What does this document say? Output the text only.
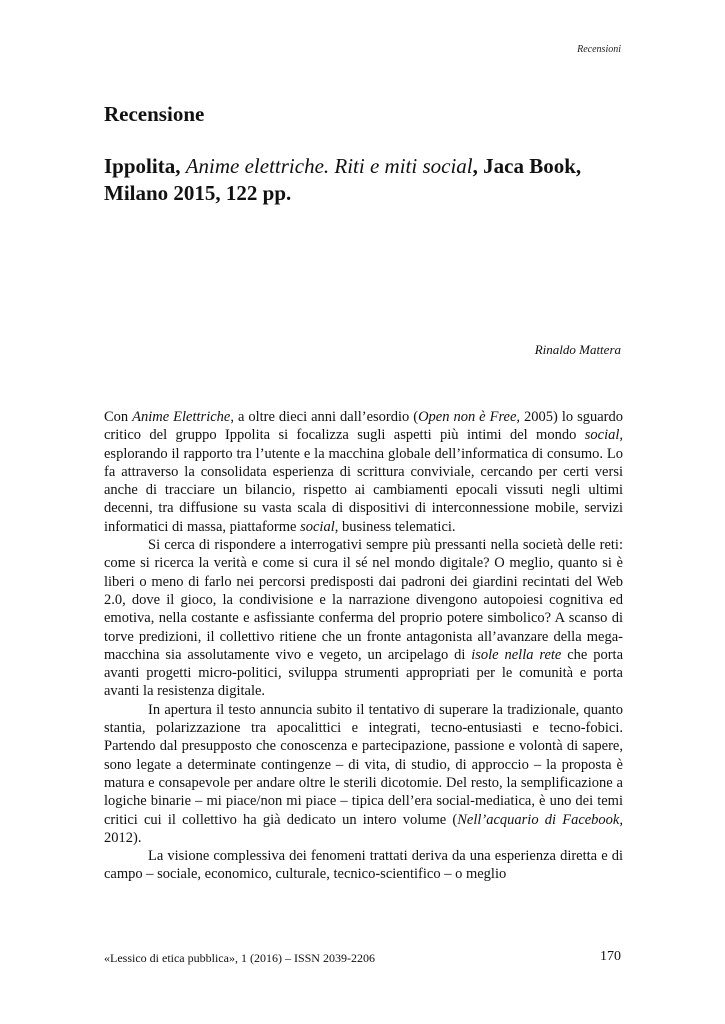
Recensioni
Recensione
Ippolita, Anime elettriche. Riti e miti social, Jaca Book, Milano 2015, 122 pp.
Rinaldo Mattera

Con Anime Elettriche, a oltre dieci anni dall’esordio (Open non è Free, 2005) lo sguardo critico del gruppo Ippolita si focalizza sugli aspetti più intimi del mondo social, esplorando il rapporto tra l’utente e la macchina globale dell’informatica di consumo. Lo fa attraverso la consolidata esperienza di scrittura conviviale, cercando per certi versi anche di tracciare un bilancio, rispetto ai cambiamenti epocali vissuti negli ultimi decenni, tra diffusione su vasta scala di dispositivi di interconnessione mobile, servizi informatici di massa, piattaforme social, business telematici.

Si cerca di rispondere a interrogativi sempre più pressanti nella società delle reti: come si ricerca la verità e come si cura il sé nel mondo digitale? O meglio, quanto si è liberi o meno di farlo nei percorsi predisposti dai padroni dei giardini recintati del Web 2.0, dove il gioco, la condivisione e la narrazione divengono autopoiesi cognitiva ed emotiva, nella costante e asfissiante conferma del proprio potere simbolico? A scanso di torve predizioni, il collettivo ritiene che un fronte antagonista all’avanzare della mega-macchina sia assolutamente vivo e vegeto, un arcipelago di isole nella rete che porta avanti progetti micro-politici, sviluppa strumenti appropriati per le comunità e porta avanti la resistenza digitale.

In apertura il testo annuncia subito il tentativo di superare la tradizionale, quanto stantia, polarizzazione tra apocalittici e integrati, tecno-entusiasti e tecno-fobici. Partendo dal presupposto che conoscenza e partecipazione, passione e volontà di sapere, sono legate a determinate contingenze – di vita, di studio, di approccio – la proposta è matura e consapevole per andare oltre le sterili dicotomie. Del resto, la semplificazione a logiche binarie – mi piace/non mi piace – tipica dell’era social-mediatica, è uno dei temi critici cui il collettivo ha già dedicato un intero volume (Nell’acquario di Facebook, 2012).

La visione complessiva dei fenomeni trattati deriva da una esperienza diretta e di campo – sociale, economico, culturale, tecnico-scientifico – o meglio

«Lessico di etica pubblica», 1 (2016) – ISSN 2039-2206	170
